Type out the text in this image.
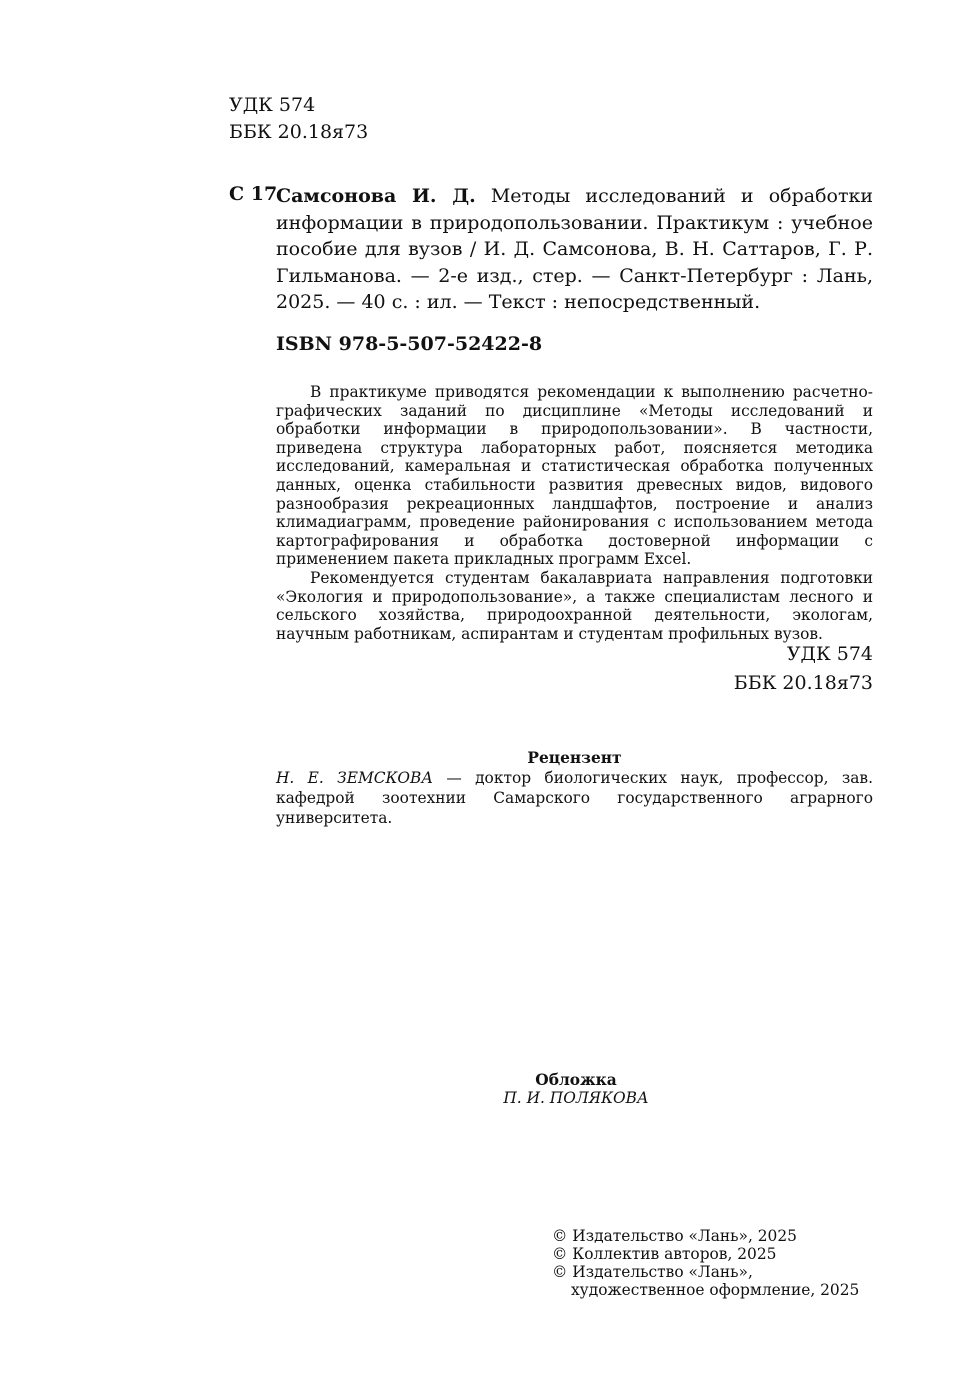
УДК 574
ББК 20.18я73
С 17
Самсонова И. Д. Методы исследований и обработки информации в природопользовании. Практикум : учебное пособие для вузов / И. Д. Самсонова, В. Н. Саттаров, Г. Р. Гильманова. — 2-е изд., стер. — Санкт-Петербург : Лань, 2025. — 40 с. : ил. — Текст : непосредственный.
ISBN 978-5-507-52422-8

В практикуме приводятся рекомендации к выполнению расчетно-графических заданий по дисциплине «Методы исследований и обработки информации в природопользовании». В частности, приведена структура лабораторных работ, поясняется методика исследований, камеральная и статистическая обработка полученных данных, оценка стабильности развития древесных видов, видового разнообразия рекреационных ландшафтов, построение и анализ климадиаграмм, проведение районирования с использованием метода картографирования и обработка достоверной информации с применением пакета прикладных программ Excel.

Рекомендуется студентам бакалавриата направления подготовки «Экология и природопользование», а также специалистам лесного и сельского хозяйства, природоохранной деятельности, экологам, научным работникам, аспирантам и студентам профильных вузов.

УДК 574
ББК 20.18я73
Рецензент
Н. Е. ЗЕМСКОВА — доктор биологических наук, профессор, зав. кафедрой зоотехнии Самарского государственного аграрного университета.
Обложка
П. И. ПОЛЯКОВА
© Издательство «Лань», 2025
© Коллектив авторов, 2025
© Издательство «Лань»,
художественное оформление, 2025
